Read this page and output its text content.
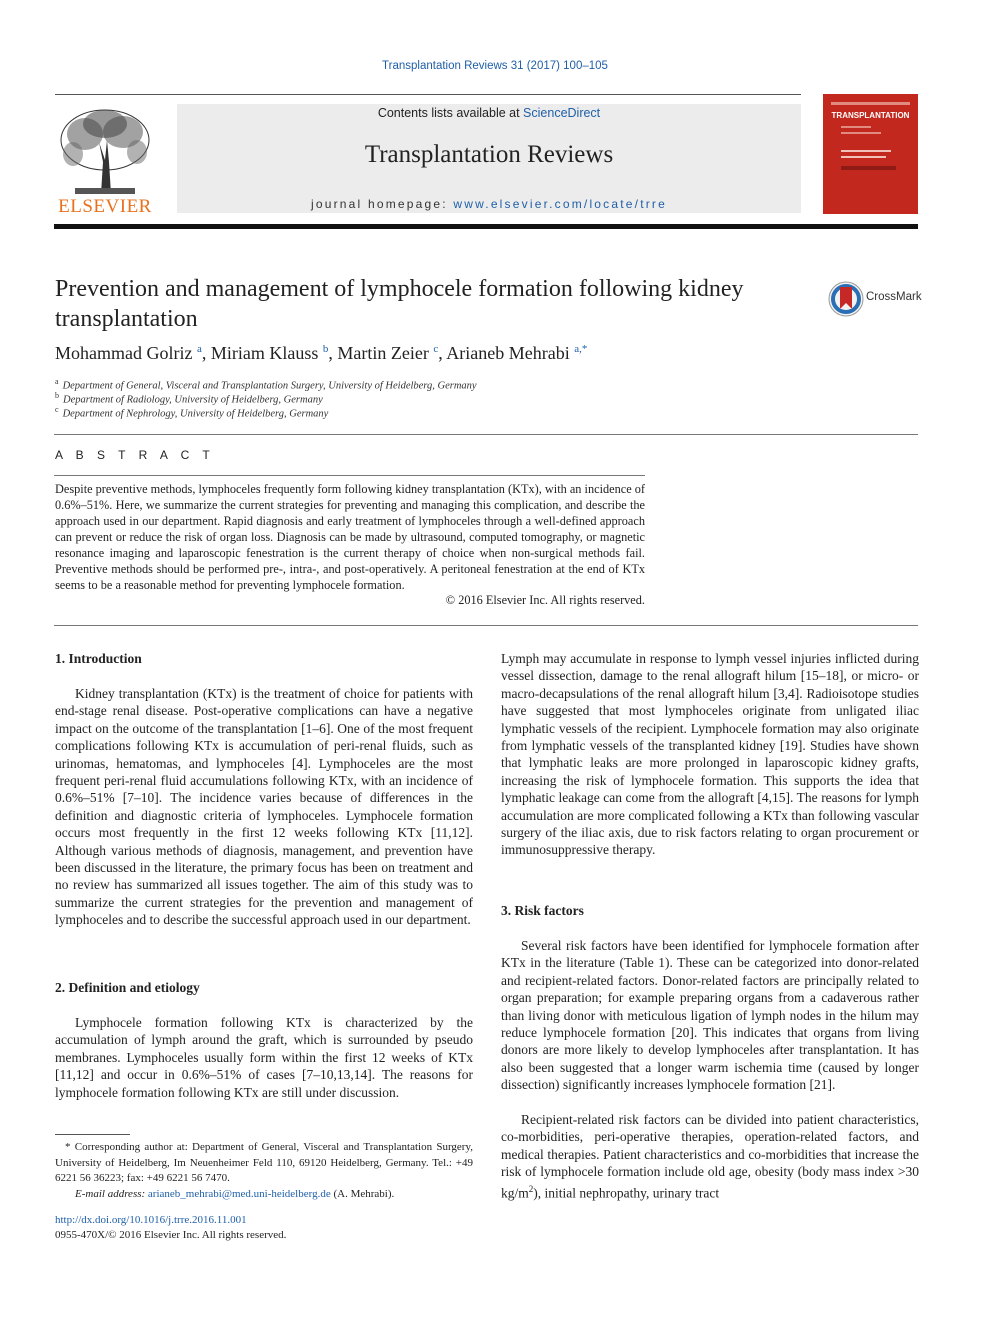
Transplantation Reviews 31 (2017) 100–105
ELSEVIER
Contents lists available at ScienceDirect
Transplantation Reviews
journal homepage: www.elsevier.com/locate/trre
TRANSPLANTATION
Prevention and management of lymphocele formation following kidney transplantation
CrossMark
Mohammad Golriz $^a$, Miriam Klauss $^b$, Martin Zeier $^c$, Arianeb Mehrabi $^{a,*}$
$^a$ Department of General, Visceral and Transplantation Surgery, University of Heidelberg, Germany
$^b$ Department of Radiology, University of Heidelberg, Germany
$^c$ Department of Nephrology, University of Heidelberg, Germany
A B S T R A C T
Despite preventive methods, lymphoceles frequently form following kidney transplantation (KTx), with an incidence of 0.6%–51%. Here, we summarize the current strategies for preventing and managing this complication, and describe the approach used in our department. Rapid diagnosis and early treatment of lymphoceles through a well-defined approach can prevent or reduce the risk of organ loss. Diagnosis can be made by ultrasound, computed tomography, or magnetic resonance imaging and laparoscopic fenestration is the current therapy of choice when non-surgical methods fail. Preventive methods should be performed pre-, intra-, and post-operatively. A peritoneal fenestration at the end of KTx seems to be a reasonable method for preventing lymphocele formation.
© 2016 Elsevier Inc. All rights reserved.
1. Introduction
Kidney transplantation (KTx) is the treatment of choice for patients with end-stage renal disease. Post-operative complications can have a negative impact on the outcome of the transplantation [1–6]. One of the most frequent complications following KTx is accumulation of peri-renal fluids, such as urinomas, hematomas, and lymphoceles [4]. Lymphoceles are the most frequent peri-renal fluid accumulations following KTx, with an incidence of 0.6%–51% [7–10]. The incidence varies because of differences in the definition and diagnostic criteria of lymphoceles. Lymphocele formation occurs most frequently in the first 12 weeks following KTx [11,12]. Although various methods of diagnosis, management, and prevention have been discussed in the literature, the primary focus has been on treatment and no review has summarized all issues together. The aim of this study was to summarize the current strategies for the prevention and management of lymphoceles and to describe the successful approach used in our department.
2. Definition and etiology
Lymphocele formation following KTx is characterized by the accumulation of lymph around the graft, which is surrounded by pseudo membranes. Lymphoceles usually form within the first 12 weeks of KTx [11,12] and occur in 0.6%–51% of cases [7–10,13,14]. The reasons for lymphocele formation following KTx are still under discussion.
Lymph may accumulate in response to lymph vessel injuries inflicted during vessel dissection, damage to the renal allograft hilum [15–18], or micro- or macro-decapsulations of the renal allograft hilum [3,4]. Radioisotope studies have suggested that most lymphoceles originate from unligated iliac lymphatic vessels of the recipient. Lymphocele formation may also originate from lymphatic vessels of the transplanted kidney [19]. Studies have shown that lymphatic leaks are more prolonged in laparoscopic kidney grafts, increasing the risk of lymphocele formation. This supports the idea that lymphatic leakage can come from the allograft [4,15]. The reasons for lymph accumulation are more complicated following a KTx than following vascular surgery of the iliac axis, due to risk factors relating to organ procurement or immunosuppressive therapy.
3. Risk factors
Several risk factors have been identified for lymphocele formation after KTx in the literature (Table 1). These can be categorized into donor-related and recipient-related factors. Donor-related factors are principally related to organ preparation; for example preparing organs from a cadaverous rather than living donor with meticulous ligation of lymph nodes in the hilum may reduce lymphocele formation [20]. This indicates that organs from living donors are more likely to develop lymphoceles after transplantation. It has also been suggested that a longer warm ischemia time (caused by longer dissection) significantly increases lymphocele formation [21].
Recipient-related risk factors can be divided into patient characteristics, co-morbidities, peri-operative therapies, operation-related factors, and medical therapies. Patient characteristics and co-morbidities that increase the risk of lymphocele formation include old age, obesity (body mass index >30 $kg/m^2$), initial nephropathy, urinary tract
* Corresponding author at: Department of General, Visceral and Transplantation Surgery, University of Heidelberg, Im Neuenheimer Feld 110, 69120 Heidelberg, Germany. Tel.: +49 6221 56 36223; fax: +49 6221 56 7470.
E-mail address: arianeb_mehrabi@med.uni-heidelberg.de (A. Mehrabi).
http://dx.doi.org/10.1016/j.trre.2016.11.001
0955-470X/© 2016 Elsevier Inc. All rights reserved.
